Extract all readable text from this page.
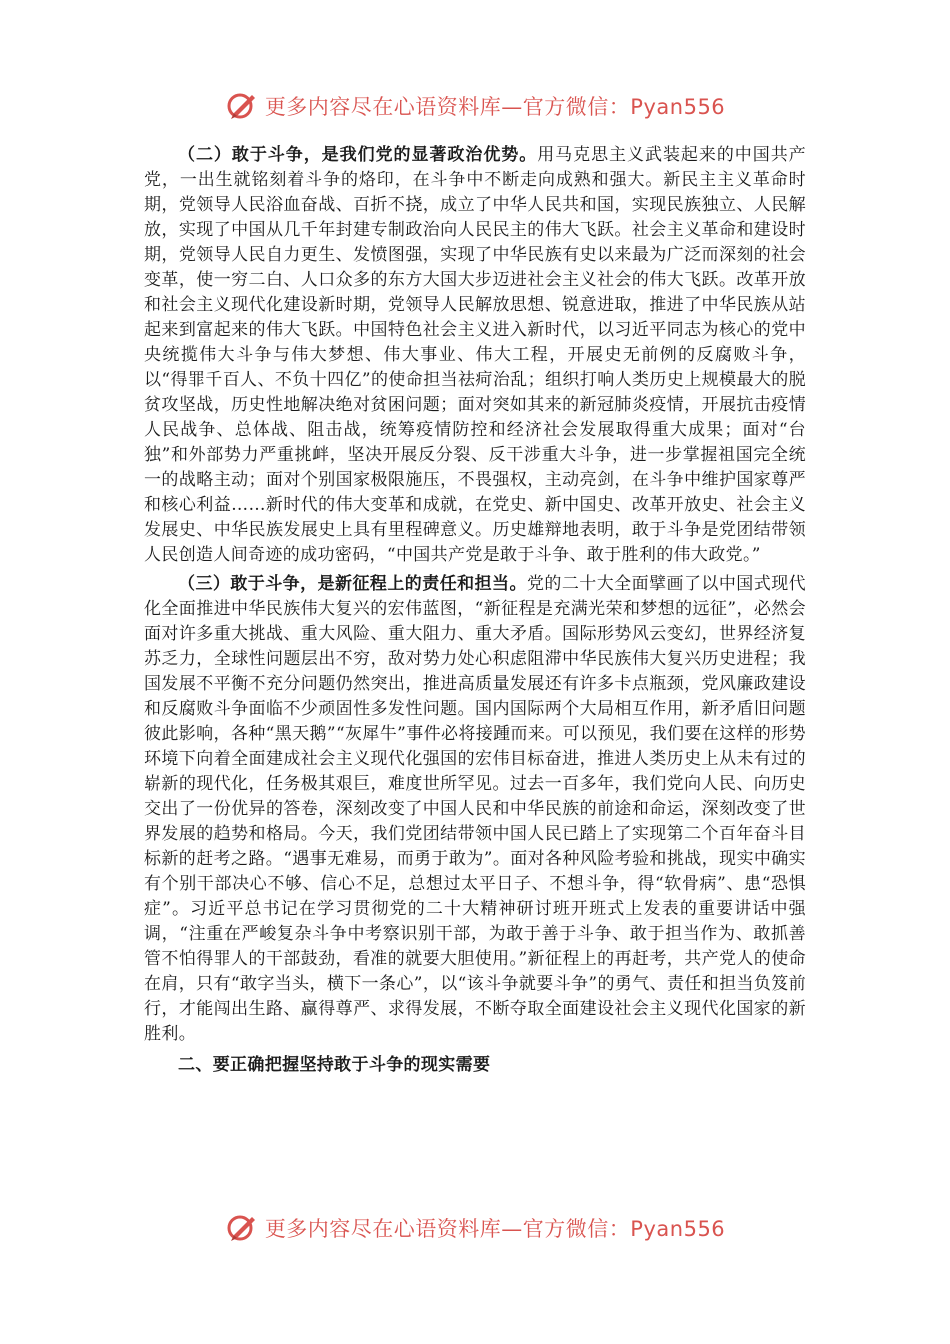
更多内容尽在心语资料库—官方微信：Pyan556

（二）敢于斗争，是我们党的显著政治优势。用马克思主义武装起来的中国共产党，一出生就铭刻着斗争的烙印，在斗争中不断走向成熟和强大。新民主主义革命时期，党领导人民浴血奋战、百折不挠，成立了中华人民共和国，实现民族独立、人民解放，实现了中国从几千年封建专制政治向人民民主的伟大飞跃。社会主义革命和建设时期，党领导人民自力更生、发愤图强，实现了中华民族有史以来最为广泛而深刻的社会变革，使一穷二白、人口众多的东方大国大步迈进社会主义社会的伟大飞跃。改革开放和社会主义现代化建设新时期，党领导人民解放思想、锐意进取，推进了中华民族从站起来到富起来的伟大飞跃。中国特色社会主义进入新时代，以习近平同志为核心的党中央统揽伟大斗争与伟大梦想、伟大事业、伟大工程，开展史无前例的反腐败斗争，以“得罪千百人、不负十四亿”的使命担当祛疴治乱；组织打响人类历史上规模最大的脱贫攻坚战，历史性地解决绝对贫困问题；面对突如其来的新冠肺炎疫情，开展抗击疫情人民战争、总体战、阻击战，统筹疫情防控和经济社会发展取得重大成果；面对“台独”和外部势力严重挑衅，坚决开展反分裂、反干涉重大斗争，进一步掌握祖国完全统一的战略主动；面对个别国家极限施压，不畏强权，主动亮剑，在斗争中维护国家尊严和核心利益……新时代的伟大变革和成就，在党史、新中国史、改革开放史、社会主义发展史、中华民族发展史上具有里程碑意义。历史雄辩地表明，敢于斗争是党团结带领人民创造人间奇迹的成功密码，“中国共产党是敢于斗争、敢于胜利的伟大政党。”

（三）敢于斗争，是新征程上的责任和担当。党的二十大全面擘画了以中国式现代化全面推进中华民族伟大复兴的宏伟蓝图，“新征程是充满光荣和梦想的远征”，必然会面对许多重大挑战、重大风险、重大阻力、重大矛盾。国际形势风云变幻，世界经济复苏乏力，全球性问题层出不穷，敌对势力处心积虑阻滞中华民族伟大复兴历史进程；我国发展不平衡不充分问题仍然突出，推进高质量发展还有许多卡点瓶颈，党风廉政建设和反腐败斗争面临不少顽固性多发性问题。国内国际两个大局相互作用，新矛盾旧问题彼此影响，各种“黑天鹅”“灰犀牛”事件必将接踵而来。可以预见，我们要在这样的形势环境下向着全面建成社会主义现代化强国的宏伟目标奋进，推进人类历史上从未有过的崭新的现代化，任务极其艰巨，难度世所罕见。过去一百多年，我们党向人民、向历史交出了一份优异的答卷，深刻改变了中国人民和中华民族的前途和命运，深刻改变了世界发展的趋势和格局。今天，我们党团结带领中国人民已踏上了实现第二个百年奋斗目标新的赶考之路。“遇事无难易，而勇于敢为”。面对各种风险考验和挑战，现实中确实有个别干部决心不够、信心不足，总想过太平日子、不想斗争，得“软骨病”、患“恐惧症”。习近平总书记在学习贯彻党的二十大精神研讨班开班式上发表的重要讲话中强调，“注重在严峻复杂斗争中考察识别干部，为敢于善于斗争、敢于担当作为、敢抓善管不怕得罪人的干部鼓劲，看准的就要大胆使用。”新征程上的再赶考，共产党人的使命在肩，只有“敢字当头，横下一条心”，以“该斗争就要斗争”的勇气、责任和担当负笈前行，才能闯出生路、赢得尊严、求得发展，不断夺取全面建设社会主义现代化国家的新胜利。

二、要正确把握坚持敢于斗争的现实需要
更多内容尽在心语资料库—官方微信：Pyan556
